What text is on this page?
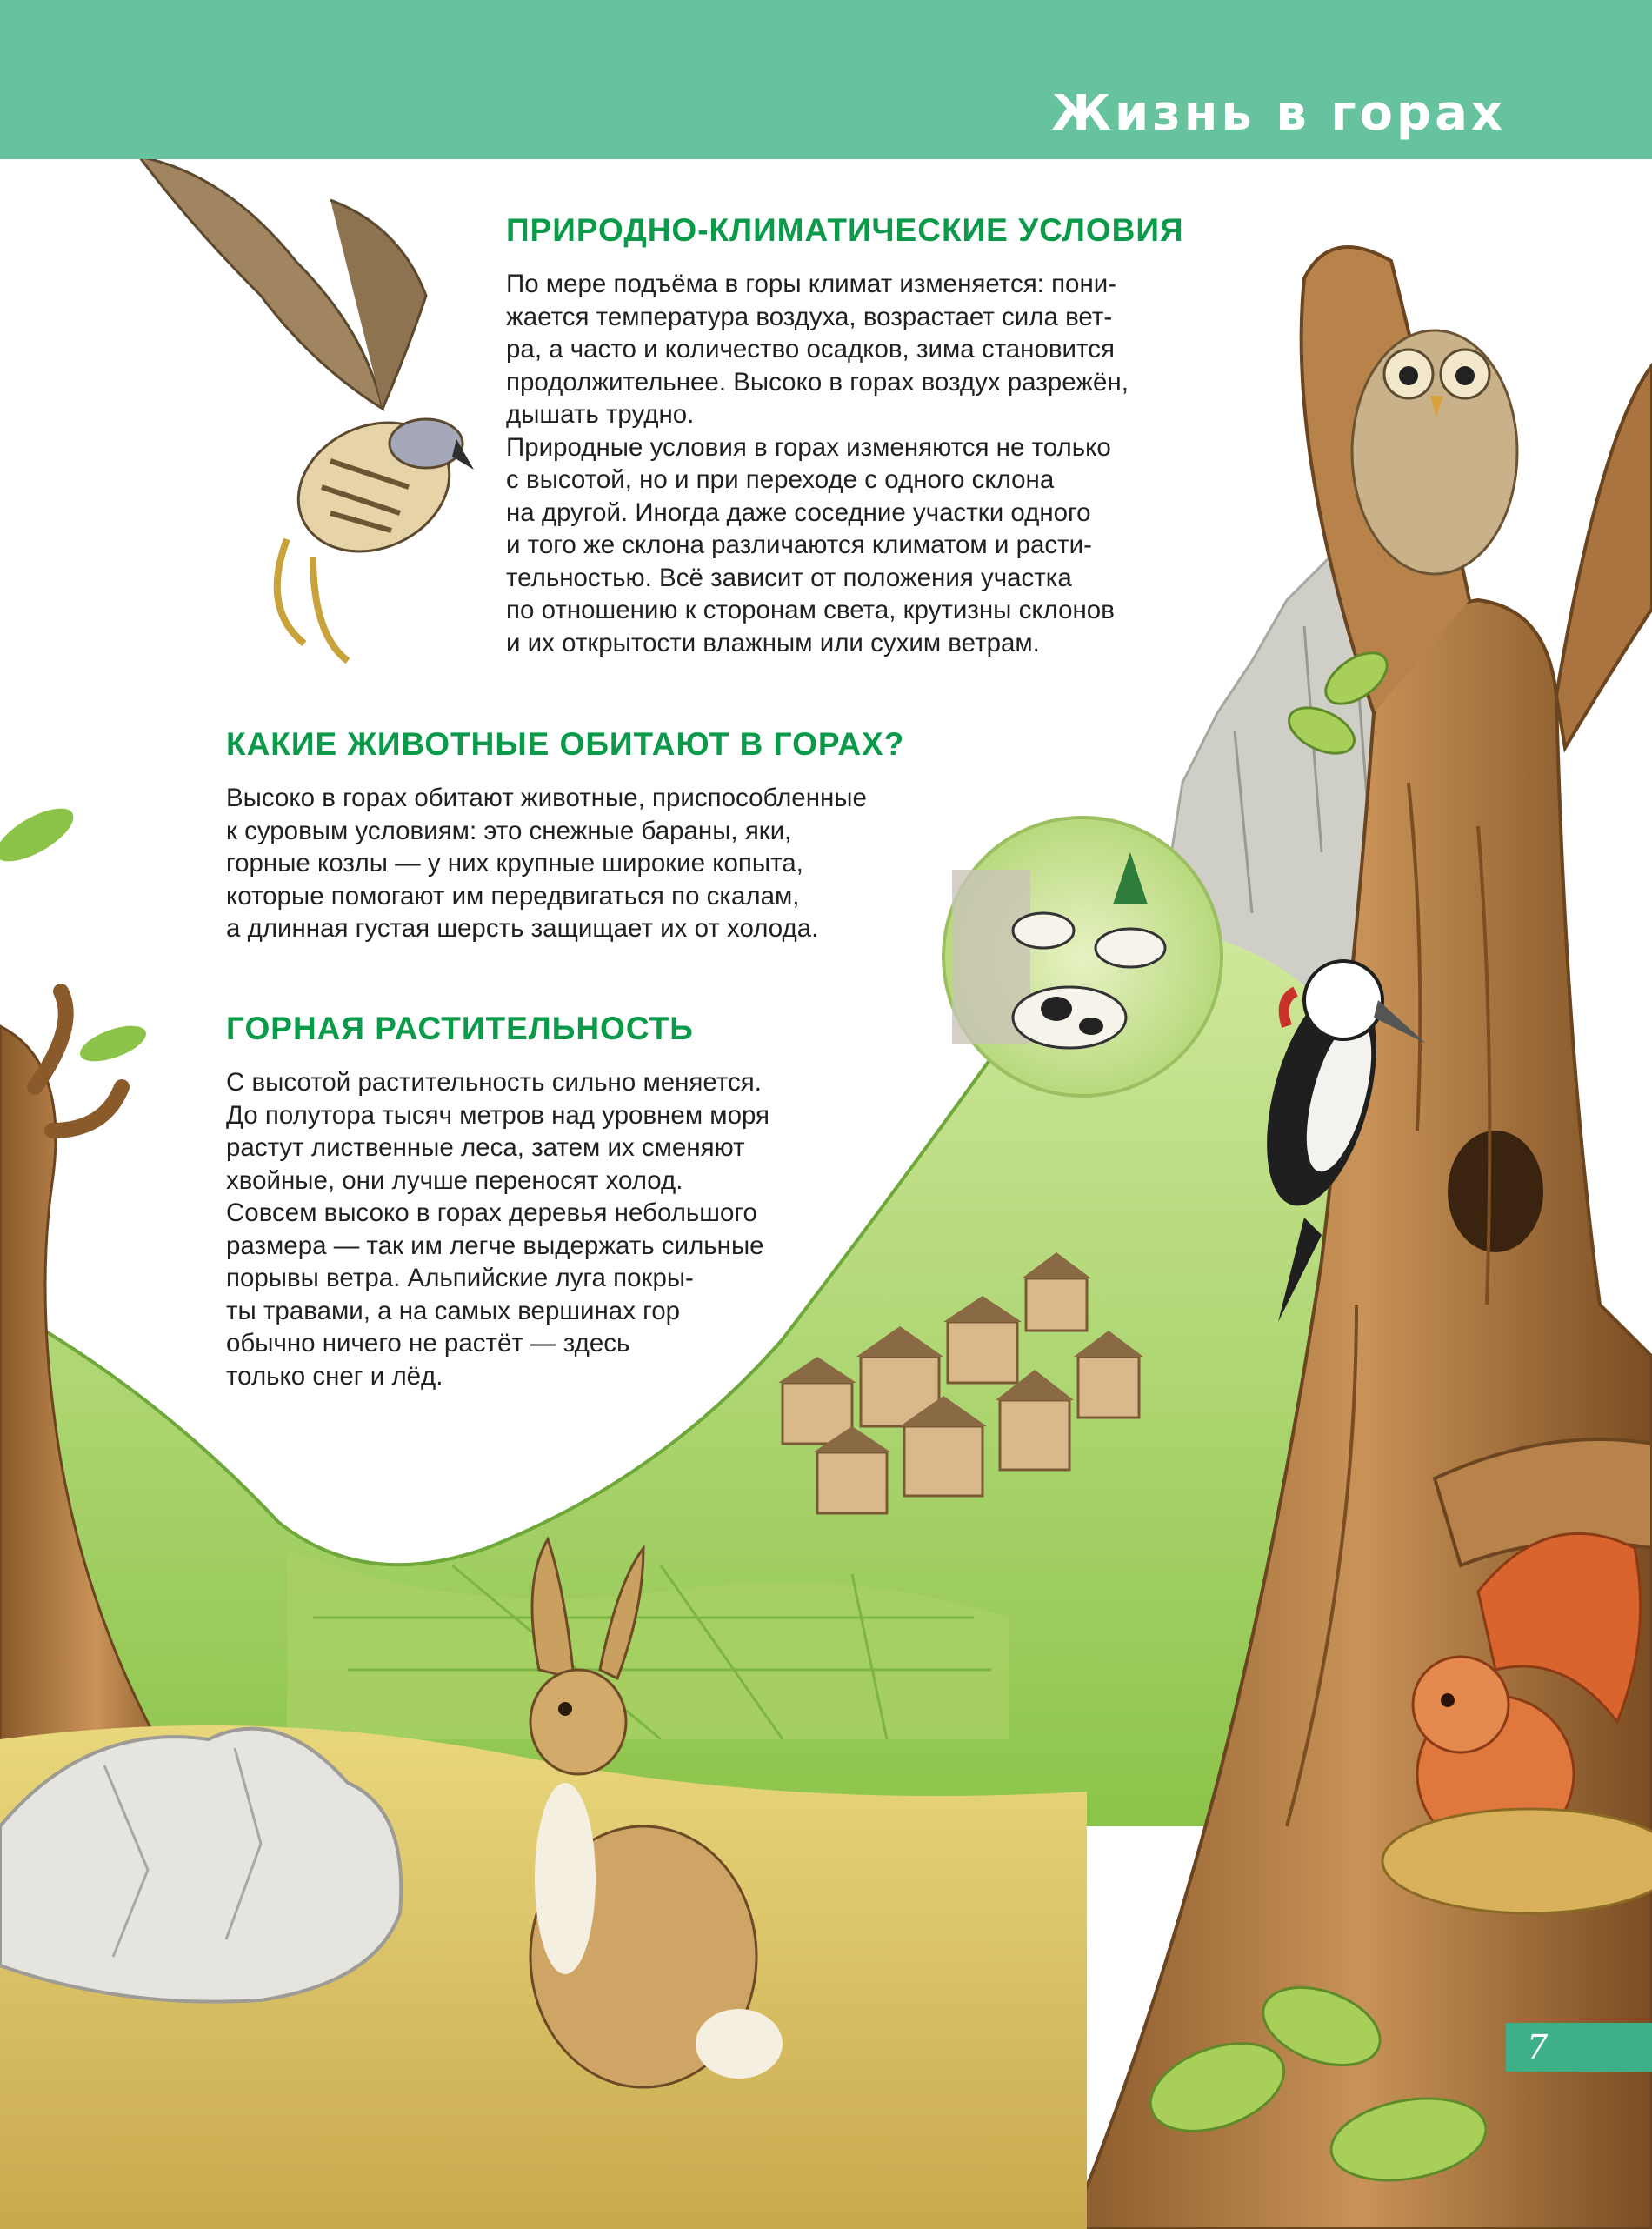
Жизнь в горах
ПРИРОДНО-КЛИМАТИЧЕСКИЕ УСЛОВИЯ

По мере подъёма в горы климат изменяется: пони-
жается температура воздуха, возрастает сила вет-
ра, а часто и количество осадков, зима становится
продолжительнее. Высоко в горах воздух разрежён,
дышать трудно.
Природные условия в горах изменяются не только
с высотой, но и при переходе с одного склона
на другой. Иногда даже соседние участки одного
и того же склона различаются климатом и расти-
тельностью. Всё зависит от положения участка
по отношению к сторонам света, крутизны склонов
и их открытости влажным или сухим ветрам.

КАКИЕ ЖИВОТНЫЕ ОБИТАЮТ В ГОРАХ?

Высоко в горах обитают животные, приспособленные
к суровым условиям: это снежные бараны, яки,
горные козлы — у них крупные широкие копыта,
которые помогают им передвигаться по скалам,
а длинная густая шерсть защищает их от холода.

ГОРНАЯ РАСТИТЕЛЬНОСТЬ

С высотой растительность сильно меняется.
До полутора тысяч метров над уровнем моря
растут лиственные леса, затем их сменяют
хвойные, они лучше переносят холод.
Совсем высоко в горах деревья небольшого
размера — так им легче выдержать сильные
порывы ветра. Альпийские луга покры-
ты травами, а на самых вершинах гор
обычно ничего не растёт — здесь
только снег и лёд.

7
